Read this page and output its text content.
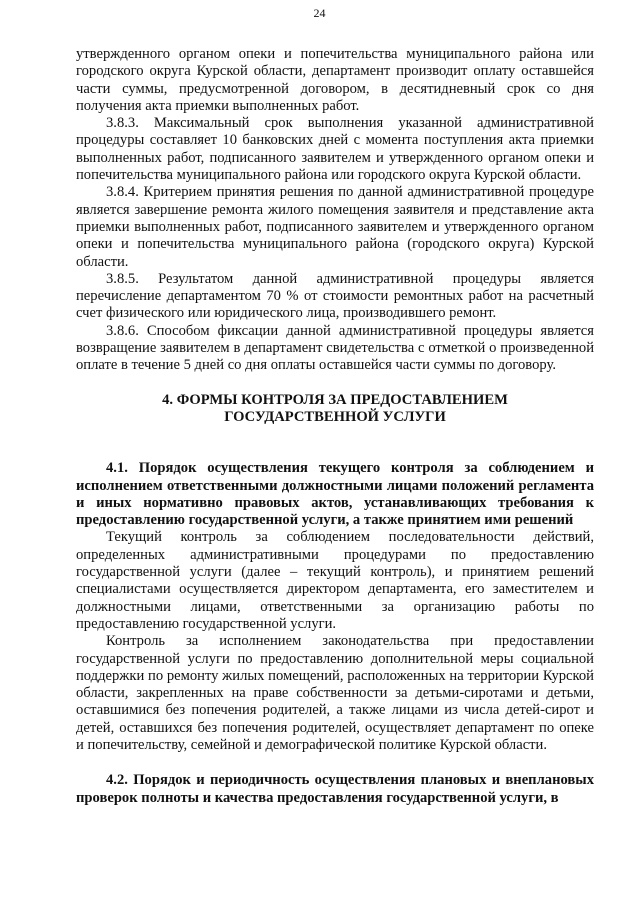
24

утвержденного органом опеки и попечительства муниципального района или городского округа Курской области, департамент производит оплату оставшейся части суммы, предусмотренной договором, в десятидневный срок со дня получения акта приемки выполненных работ.

3.8.3. Максимальный срок выполнения указанной административной процедуры составляет 10 банковских дней с момента поступления акта приемки выполненных работ, подписанного заявителем и утвержденного органом опеки и попечительства муниципального района или городского округа Курской области.

3.8.4. Критерием принятия решения по данной административной процедуре является завершение ремонта жилого помещения заявителя и представление акта приемки выполненных работ, подписанного заявителем и утвержденного органом опеки и попечительства муниципального района (городского округа) Курской области.

3.8.5. Результатом данной административной процедуры является перечисление департаментом 70 % от стоимости ремонтных работ на расчетный счет физического или юридического лица, производившего ремонт.

3.8.6. Способом фиксации данной административной процедуры является возвращение заявителем в департамент свидетельства с отметкой о произведенной оплате в течение 5 дней со дня оплаты оставшейся части суммы по договору.

4. ФОРМЫ КОНТРОЛЯ ЗА ПРЕДОСТАВЛЕНИЕМ
ГОСУДАРСТВЕННОЙ УСЛУГИ

4.1. Порядок осуществления текущего контроля за соблюдением и исполнением ответственными должностными лицами положений регламента и иных нормативно правовых актов, устанавливающих требования к предоставлению государственной услуги, а также принятием ими решений

Текущий контроль за соблюдением последовательности действий, определенных административными процедурами по предоставлению государственной услуги (далее – текущий контроль), и принятием решений специалистами осуществляется директором департамента, его заместителем и должностными лицами, ответственными за организацию работы по предоставлению государственной услуги.

Контроль за исполнением законодательства при предоставлении государственной услуги по предоставлению дополнительной меры социальной поддержки по ремонту жилых помещений, расположенных на территории Курской области, закрепленных на праве собственности за детьми-сиротами и детьми, оставшимися без попечения родителей, а также лицами из числа детей-сирот и детей, оставшихся без попечения родителей, осуществляет департамент по опеке и попечительству, семейной и демографической политике Курской области.

4.2. Порядок и периодичность осуществления плановых и внеплановых проверок полноты и качества предоставления государственной услуги, в
